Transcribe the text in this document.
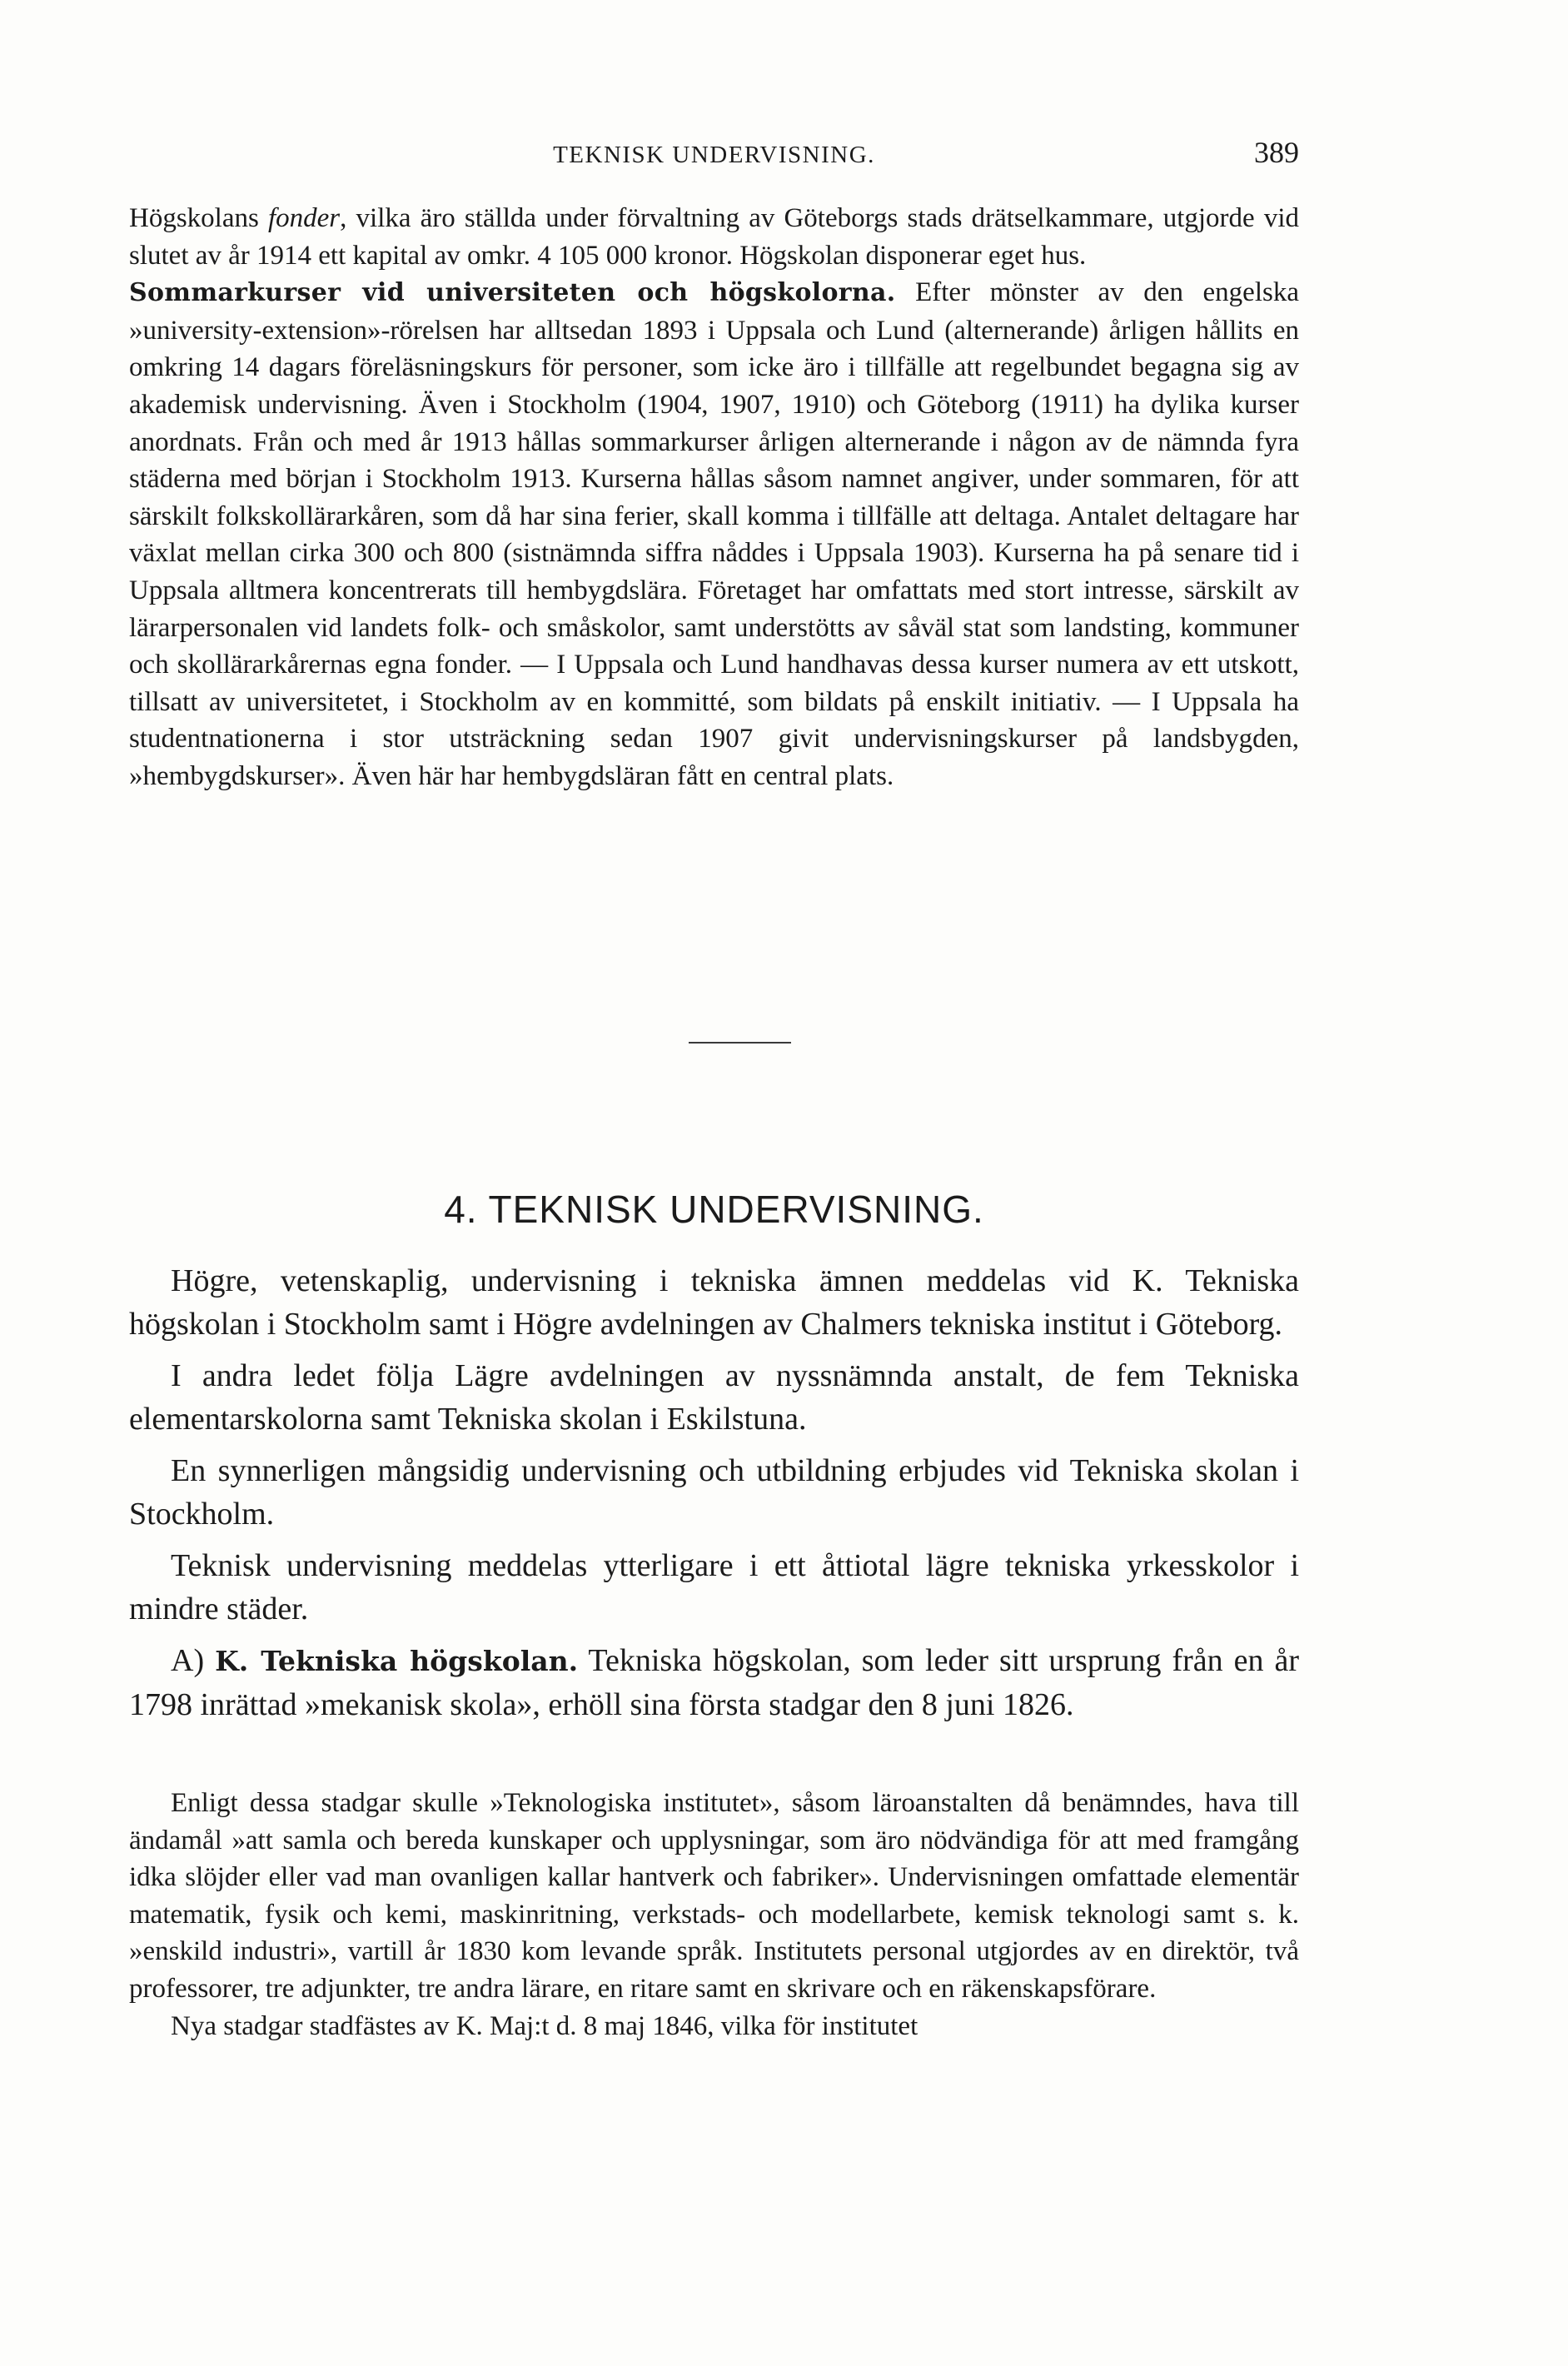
TEKNISK UNDERVISNING.	389

Högskolans fonder, vilka äro ställda under förvaltning av Göteborgs stads drätselkammare, utgjorde vid slutet av år 1914 ett kapital av omkr. 4 105 000 kronor. Högskolan disponerar eget hus.

Sommarkurser vid universiteten och högskolorna. Efter mönster av den engelska »university-extension»-rörelsen har alltsedan 1893 i Uppsala och Lund (alternerande) årligen hållits en omkring 14 dagars föreläsningskurs för personer, som icke äro i tillfälle att regelbundet begagna sig av akademisk undervisning. Även i Stockholm (1904, 1907, 1910) och Göteborg (1911) ha dylika kurser anordnats. Från och med år 1913 hållas sommarkurser årligen alternerande i någon av de nämnda fyra städerna med början i Stockholm 1913. Kurserna hållas såsom namnet angiver, under sommaren, för att särskilt folkskollärarkåren, som då har sina ferier, skall komma i tillfälle att deltaga. Antalet deltagare har växlat mellan cirka 300 och 800 (sistnämnda siffra nåddes i Uppsala 1903). Kurserna ha på senare tid i Uppsala alltmera koncentrerats till hembygdslära. Företaget har omfattats med stort intresse, särskilt av lärarpersonalen vid landets folk- och småskolor, samt understötts av såväl stat som landsting, kommuner och skollärarkårernas egna fonder. — I Uppsala och Lund handhavas dessa kurser numera av ett utskott, tillsatt av universitetet, i Stockholm av en kommitté, som bildats på enskilt initiativ. — I Uppsala ha studentnationerna i stor utsträckning sedan 1907 givit undervisningskurser på landsbygden, »hembygdskurser». Även här har hembygdsläran fått en central plats.

4. TEKNISK UNDERVISNING.

Högre, vetenskaplig, undervisning i tekniska ämnen meddelas vid K. Tekniska högskolan i Stockholm samt i Högre avdelningen av Chalmers tekniska institut i Göteborg.

I andra ledet följa Lägre avdelningen av nyssnämnda anstalt, de fem Tekniska elementarskolorna samt Tekniska skolan i Eskilstuna.

En synnerligen mångsidig undervisning och utbildning erbjudes vid Tekniska skolan i Stockholm.

Teknisk undervisning meddelas ytterligare i ett åttiotal lägre tekniska yrkesskolor i mindre städer.

A) K. Tekniska högskolan. Tekniska högskolan, som leder sitt ursprung från en år 1798 inrättad »mekanisk skola», erhöll sina första stadgar den 8 juni 1826.

Enligt dessa stadgar skulle »Teknologiska institutet», såsom läroanstalten då benämndes, hava till ändamål »att samla och bereda kunskaper och upplysningar, som äro nödvändiga för att med framgång idka slöjder eller vad man ovanligen kallar hantverk och fabriker». Undervisningen omfattade elementär matematik, fysik och kemi, maskinritning, verkstads- och modellarbete, kemisk teknologi samt s. k. »enskild industri», vartill år 1830 kom levande språk. Institutets personal utgjordes av en direktör, två professorer, tre adjunkter, tre andra lärare, en ritare samt en skrivare och en räkenskapsförare.

Nya stadgar stadfästes av K. Maj:t d. 8 maj 1846, vilka för institutet
